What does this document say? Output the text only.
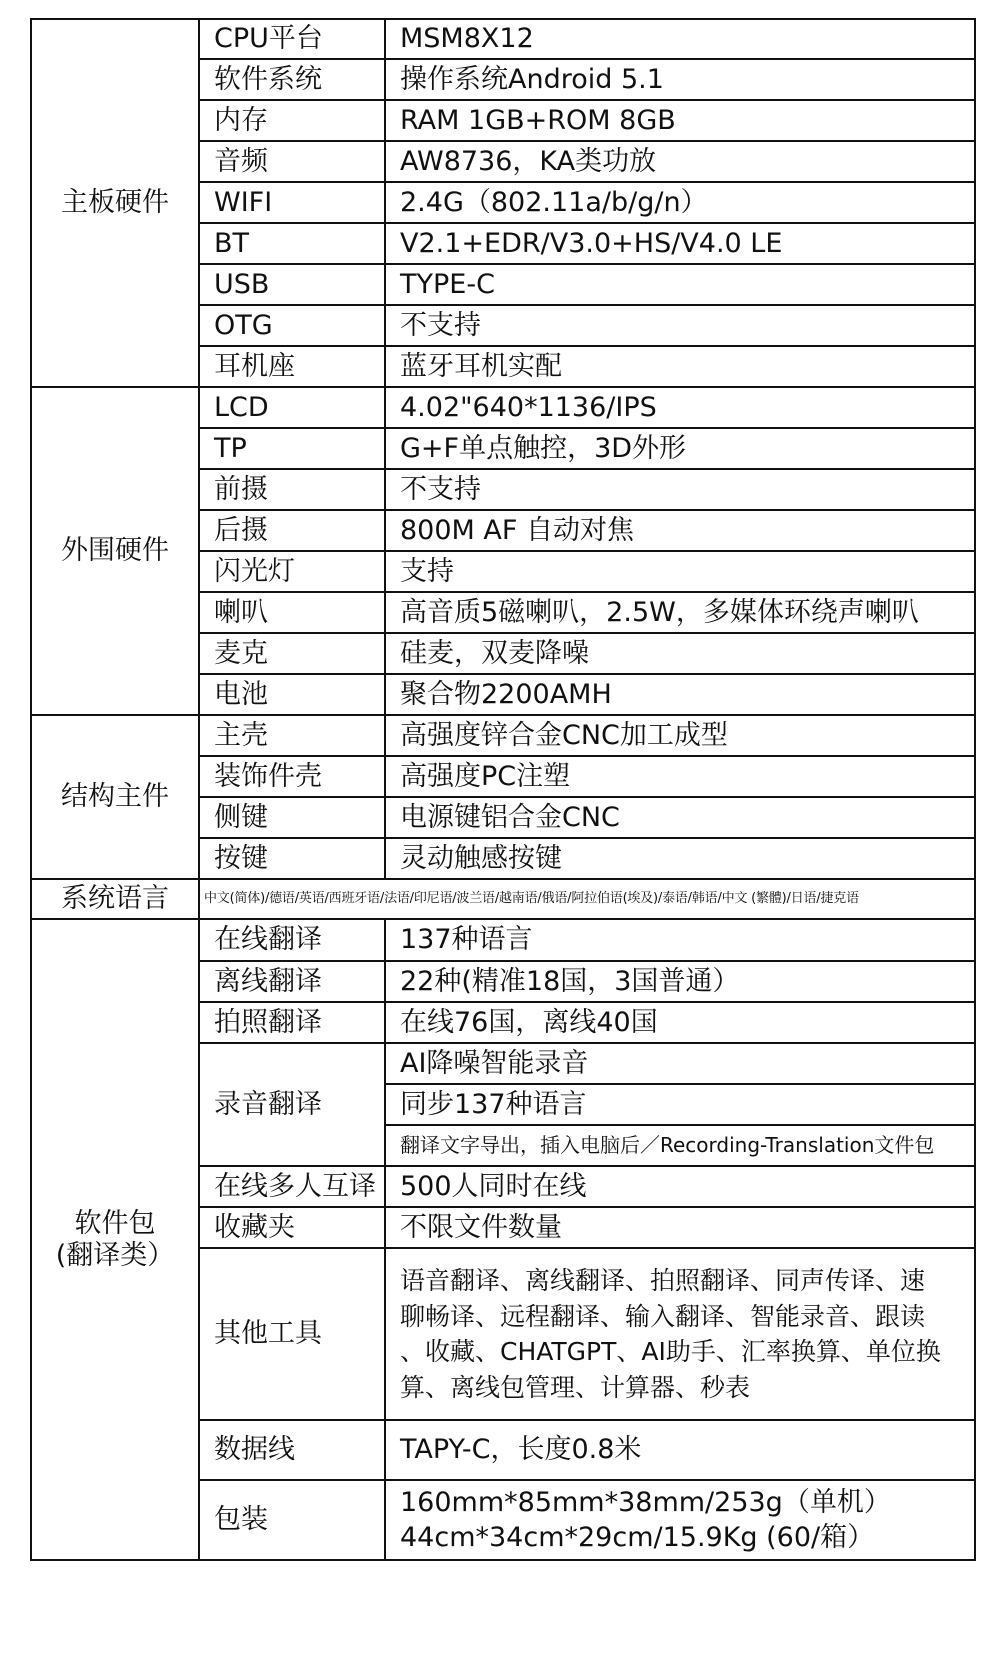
主板硬件	CPU平台	MSM8X12
	软件系统	操作系统Android 5.1
	内存	RAM 1GB+ROM 8GB
	音频	AW8736，KA类功放
	WIFI	2.4G（802.11a/b/g/n）
	BT	V2.1+EDR/V3.0+HS/V4.0 LE
	USB	TYPE-C
	OTG	不支持
	耳机座	蓝牙耳机实配
外围硬件	LCD	4.02"640*1136/IPS
	TP	G+F单点触控，3D外形
	前摄	不支持
	后摄	800M AF 自动对焦
	闪光灯	支持
	喇叭	高音质5磁喇叭，2.5W，多媒体环绕声喇叭
	麦克	硅麦，双麦降噪
	电池	聚合物2200AMH
结构主件	主壳	高强度锌合金CNC加工成型
	装饰件壳	高强度PC注塑
	侧键	电源键铝合金CNC
	按键	灵动触感按键
系统语言	中文(简体)/德语/英语/西班牙语/法语/印尼语/波兰语/越南语/俄语/阿拉伯语(埃及)/泰语/韩语/中文 (繁體)/日语/捷克语	

软件包
(翻译类）	在线翻译	137种语言
	离线翻译	22种(精准18国，3国普通）
	拍照翻译	在线76国，离线40国
	录音翻译	AI降噪智能录音
		同步137种语言
		翻译文字导出，插入电脑后／Recording-Translation文件包
	在线多人互译	500人同时在线
	收藏夹	不限文件数量
	其他工具	语音翻译、离线翻译、拍照翻译、同声传译、速
聊畅译、远程翻译、输入翻译、智能录音、跟读
、收藏、CHATGPT、AI助手、汇率换算、单位换
算、离线包管理、计算器、秒表

	数据线	TAPY-C，长度0.8米
	包装	160mm*85mm*38mm/253g（单机）
44cm*34cm*29cm/15.9Kg (60/箱）
